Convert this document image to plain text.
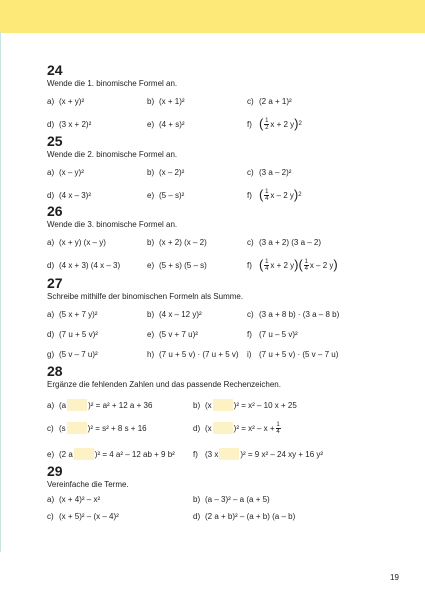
24
Wende die 1. binomische Formel an.
a) (x + y)²	b) (x + 1)²	c) (2 a + 1)²
d) (3 x + 2)²	e) (4 + s)²	f) ( $\frac{1}{2}$ x + 2 y ) 2
25
Wende die 2. binomische Formel an.
a) (x – y)²	b) (x – 2)²	c) (3 a – 2)²
d) (4 x – 3)²	e) (5 – s)²	f) ( $\frac{1}{4}$ x – 2 y ) 2
26
Wende die 3. binomische Formel an.
a) (x + y) (x – y)	b) (x + 2) (x – 2)	c) (3 a + 2) (3 a – 2)
d) (4 x + 3) (4 x – 3)	e) (5 + s) (5 – s)	f) ( $\frac{1}{4}$ x + 2 y ) ( $\frac{1}{4}$ x – 2 y )
27
Schreibe mithilfe der binomischen Formeln als Summe.
a) (5 x + 7 y)²	b) (4 x – 12 y)²	c) (3 a + 8 b) · (3 a – 8 b)
d) (7 u + 5 v)²	e) (5 v + 7 u)²	f) (7 u – 5 v)²
g) (5 v – 7 u)²	h) (7 u + 5 v) · (7 u + 5 v) i) (7 u + 5 v) · (5 v – 7 u)
28
Ergänze die fehlenden Zahlen und das passende Rechenzeichen.
a) (a	)² = a² + 12 a + 36	b) (x	)² = x² – 10 x + 25
c) (s	)² = s² + 8 s + 16	d) (x	)$^2 = x^2 - x + \frac{1}{4}$
e) (2 a	)² = 4 a² – 12 ab + 9 b² f) (3 x	)² = 9 x² – 24 xy + 16 y²
29
Vereinfache die Terme.
a) (x + 4)² – x²	b) (a – 3)² – a (a + 5)
c) (x + 5)² – (x – 4)²	d) (2 a + b)² – (a + b) (a – b)
19
